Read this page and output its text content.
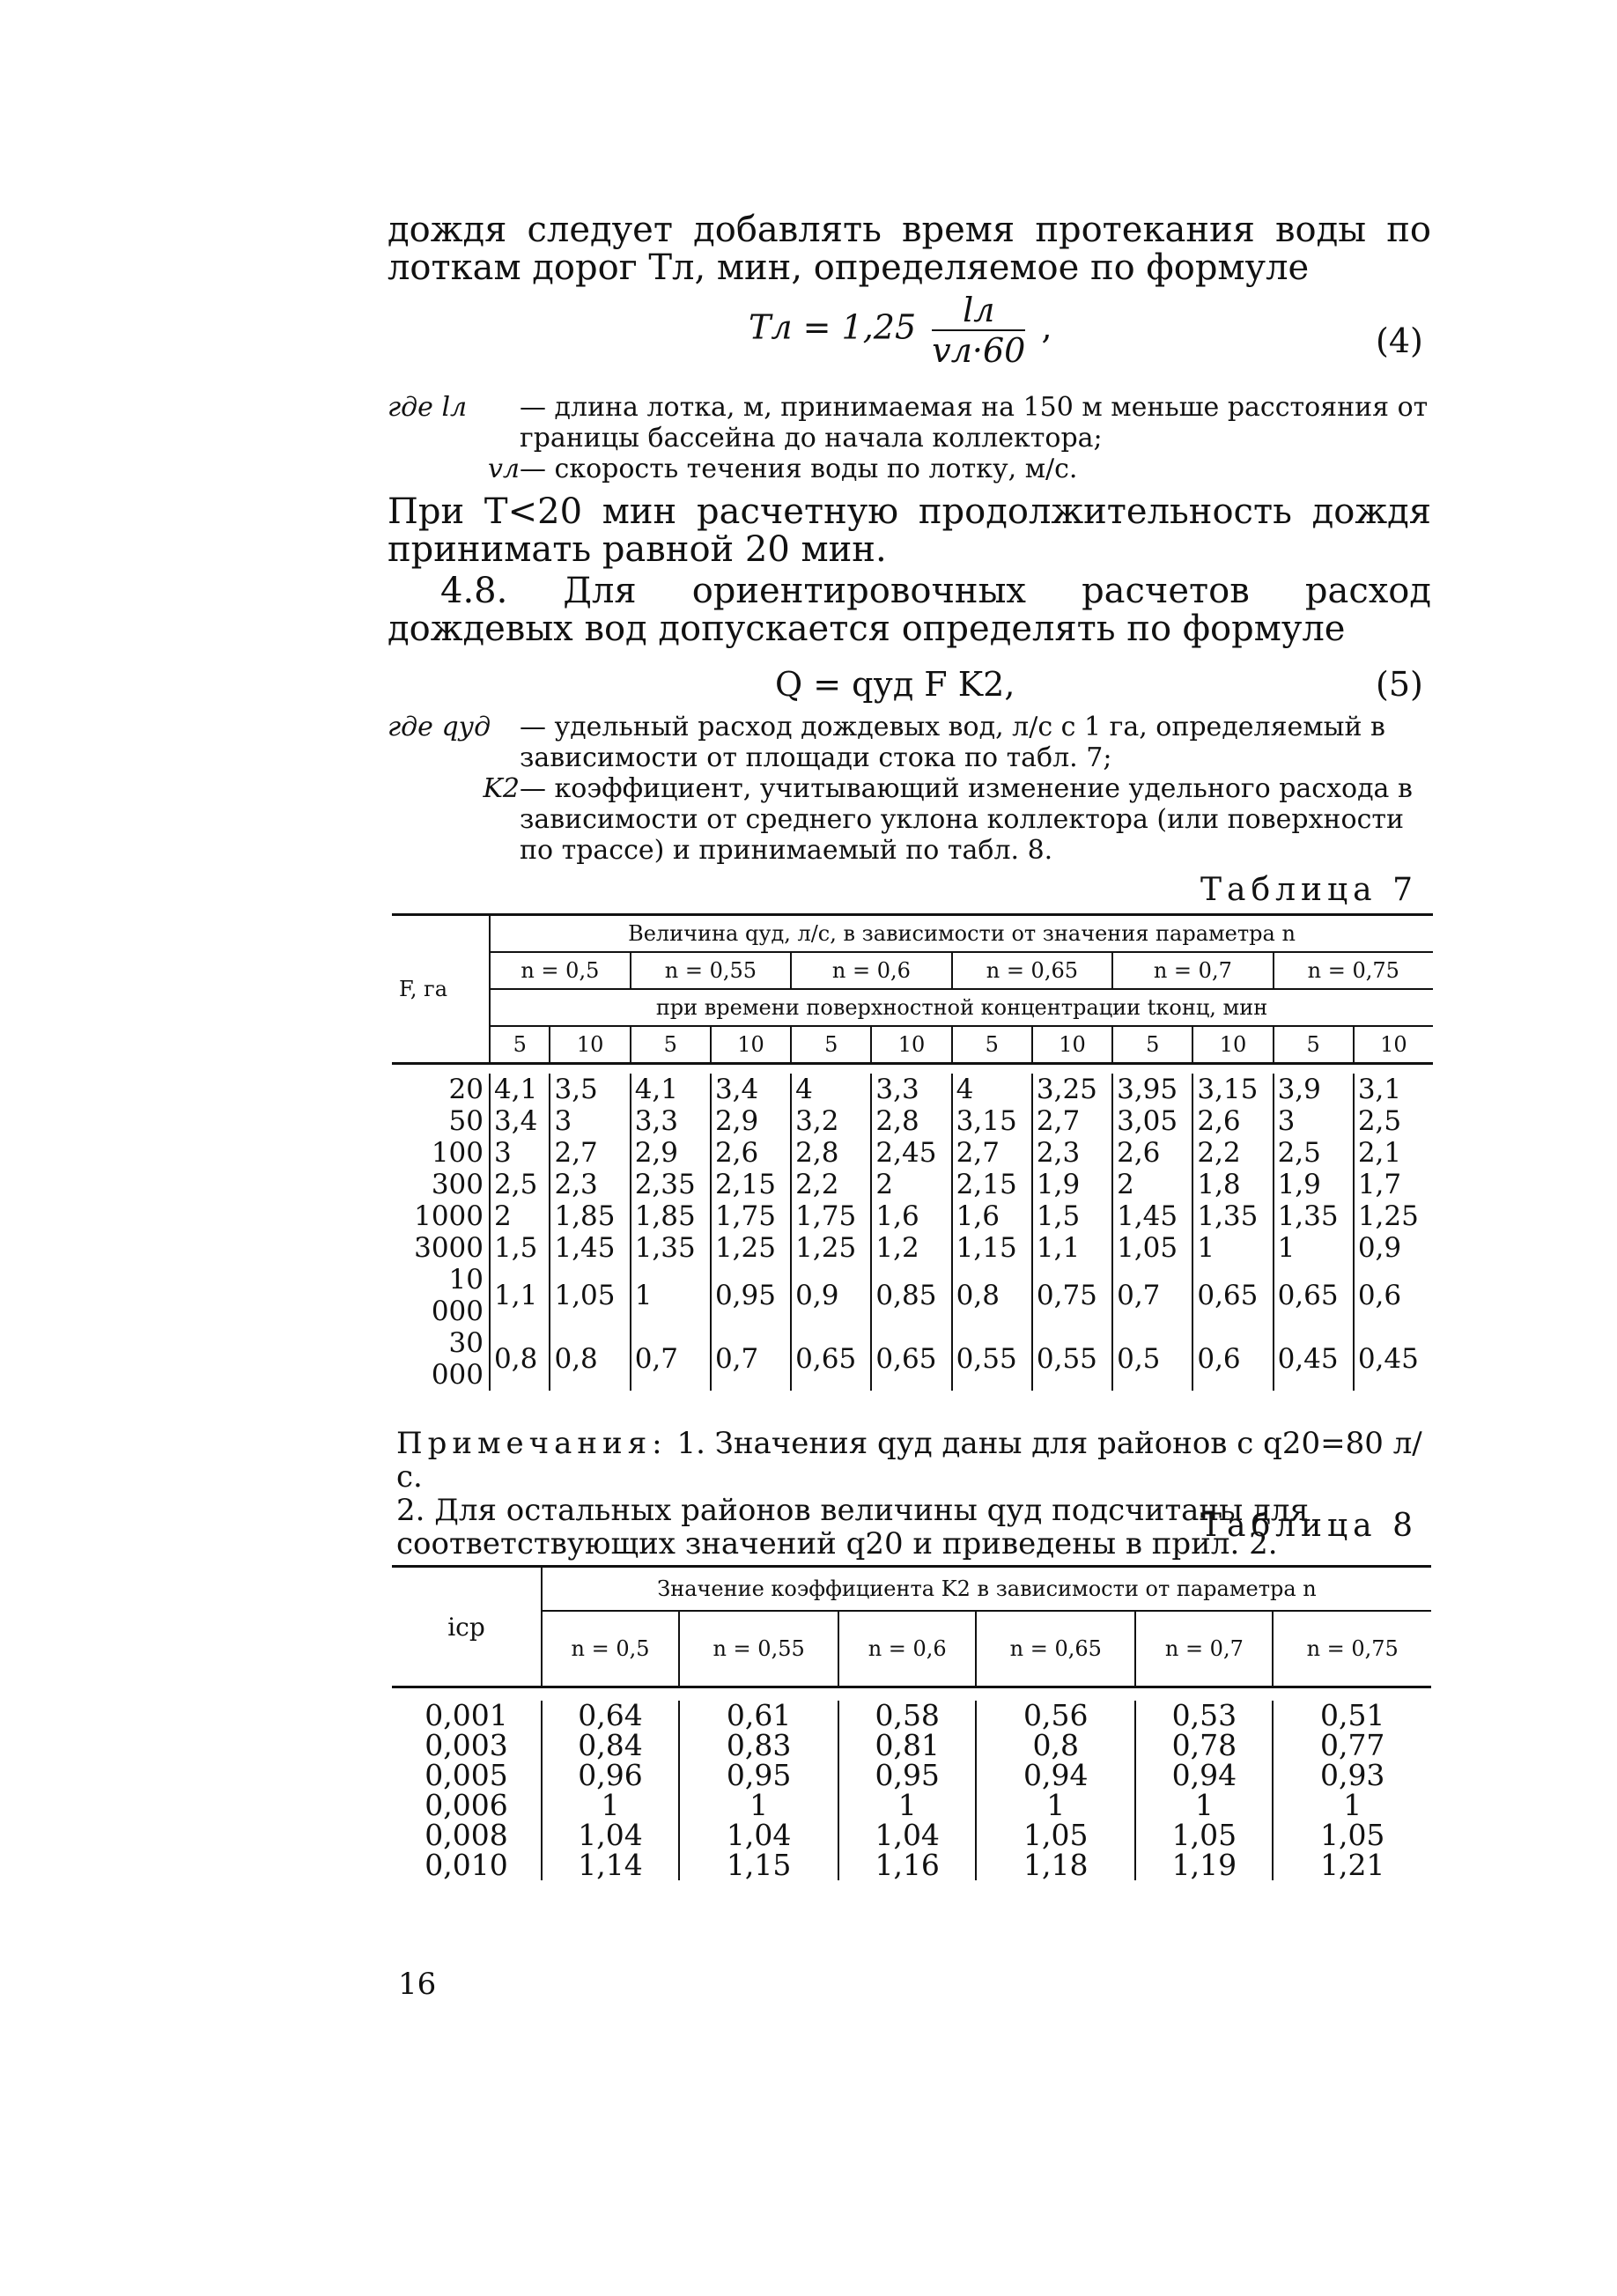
дождя следует добавлять время протекания воды по лоткам дорог Tл, мин, определяемое по формуле

Tл = $1,25 \frac{lл}{vл\cdot 60}$ ,	(4)
где lл — длина лотка, м, принимаемая на 150 м меньше расстояния от границы бассейна до начала коллектора;
vл— скорость течения воды по лотку, м/с.

При T<20 мин расчетную продолжительность дождя принимать равной 20 мин.

4.8. Для ориентировочных расчетов расход дождевых вод допускается определять по формуле

Q = qуд F K2,	(5)
где qуд — удельный расход дождевых вод, л/с с 1 га, определяемый в зависимости от площади стока по табл. 7;
K2— коэффициент, учитывающий изменение удельного расхода в зависимости от среднего уклона коллектора (или поверхности по трассе) и принимаемый по табл. 8.
Таблица 7
F, га	Величина qуд, л/с, в зависимости от значения параметра n											
	n = 0,5		n = 0,55		n = 0,6		n = 0,65		n = 0,7		n = 0,75	
	при времени поверхностной концентрации tконц, мин											
	5	10	5	10	5	10	5	10	5	10	5	10

20	4,1	3,5	4,1	3,4	4	3,3	4	3,25	3,95	3,15	3,9	3,1
50	3,4	3	3,3	2,9	3,2	2,8	3,15	2,7	3,05	2,6	3	2,5
100	3	2,7	2,9	2,6	2,8	2,45	2,7	2,3	2,6	2,2	2,5	2,1
300	2,5	2,3	2,35	2,15	2,2	2	2,15	1,9	2	1,8	1,9	1,7
1000	2	1,85	1,85	1,75	1,75	1,6	1,6	1,5	1,45	1,35	1,35	1,25
3000	1,5	1,45	1,35	1,25	1,25	1,2	1,15	1,1	1,05	1	1	0,9
10 000	1,1	1,05	1	0,95	0,9	0,85	0,8	0,75	0,7	0,65	0,65	0,6
30 000	0,8	0,8	0,7	0,7	0,65	0,65	0,55	0,55	0,5	0,6	0,45	0,45
Примечания: 1. Значения qуд даны для районов с q20=80 л/с.
2. Для остальных районов величины qуд подсчитаны для соответствующих значений q20 и приведены в прил. 2.
Таблица 8
iср	Значение коэффициента K2 в зависимости от параметра n					
	n = 0,5	n = 0,55	n = 0,6	n = 0,65	n = 0,7	n = 0,75

0,001	0,64	0,61	0,58	0,56	0,53	0,51
0,003	0,84	0,83	0,81	0,8	0,78	0,77
0,005	0,96	0,95	0,95	0,94	0,94	0,93
0,006	1	1	1	1	1	1
0,008	1,04	1,04	1,04	1,05	1,05	1,05
0,010	1,14	1,15	1,16	1,18	1,19	1,21
16
